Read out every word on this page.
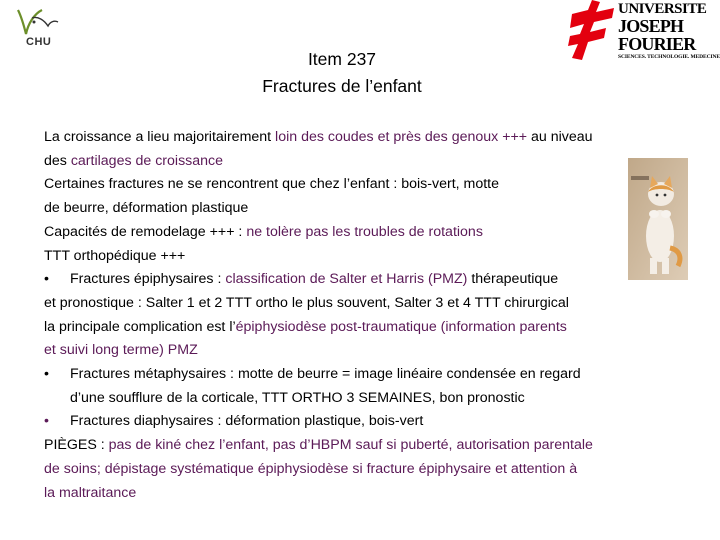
CHU
UNIVERSITE
JOSEPH FOURIER
SCIENCES. TECHNOLOGIE. MEDECINE
Item 237
Fractures de l’enfant
La croissance a lieu majoritairement loin des coudes et près des genoux +++ au niveau
des cartilages de croissance
Certaines fractures ne se rencontrent que chez l’enfant : bois-vert, motte
de beurre, déformation plastique
Capacités de remodelage +++ : ne tolère pas les troubles de rotations
TTT orthopédique +++
• Fractures épiphysaires : classification de Salter et Harris (PMZ) thérapeutique
et pronostique : Salter 1 et 2 TTT ortho le plus souvent, Salter 3 et 4 TTT chirurgical
la principale complication est l’épiphysiodèse post-traumatique (information parents
et suivi long terme) PMZ
• Fractures métaphysaires : motte de beurre = image linéaire condensée en regard
d’une soufflure de la corticale, TTT ORTHO 3 SEMAINES, bon pronostic
• Fractures diaphysaires : déformation plastique, bois-vert
PIÈGES : pas de kiné chez l’enfant, pas d’HBPM sauf si puberté, autorisation parentale
de soins; dépistage systématique épiphysiodèse si fracture épiphysaire et attention à
la maltraitance
